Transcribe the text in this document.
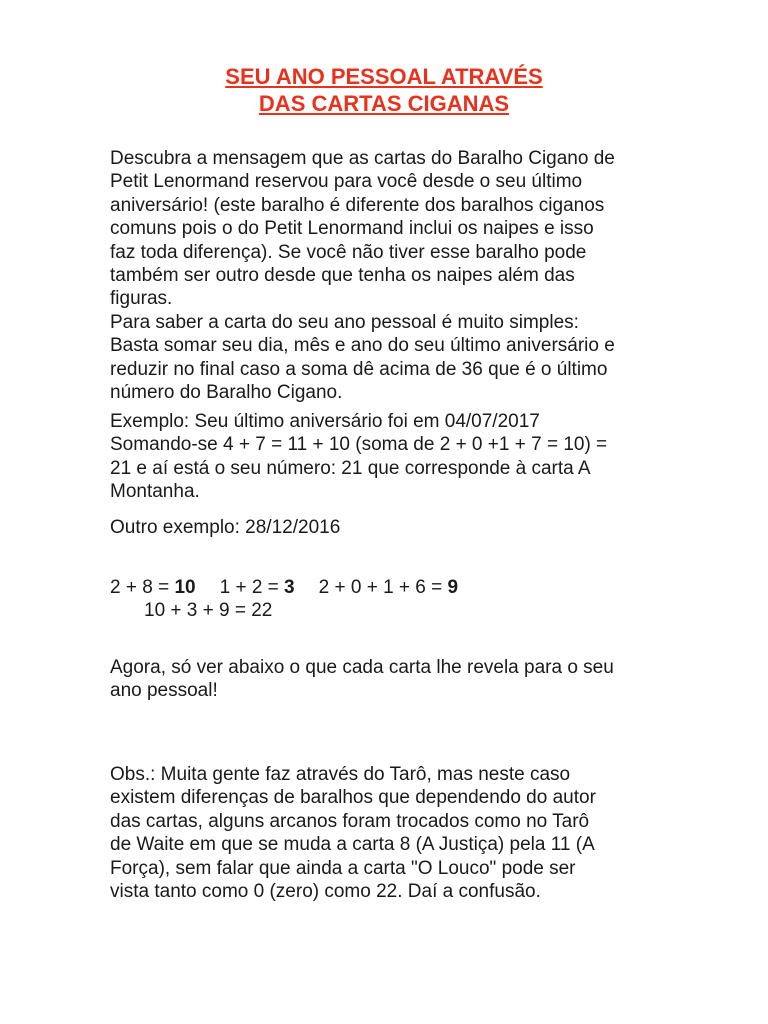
SEU ANO PESSOAL ATRAVÉS
DAS CARTAS CIGANAS

Descubra a mensagem que as cartas do Baralho Cigano de
Petit Lenormand reservou para você desde o seu último
aniversário! (este baralho é diferente dos baralhos ciganos
comuns pois o do Petit Lenormand inclui os naipes e isso
faz toda diferença). Se você não tiver esse baralho pode
também ser outro desde que tenha os naipes além das
figuras.
Para saber a carta do seu ano pessoal é muito simples:
Basta somar seu dia, mês e ano do seu último aniversário e
reduzir no final caso a soma dê acima de 36 que é o último
número do Baralho Cigano.

Exemplo: Seu último aniversário foi em 04/07/2017
Somando-se 4 + 7 = 11 + 10 (soma de 2 + 0 +1 + 7 = 10) =
21 e aí está o seu número: 21 que corresponde à carta A
Montanha.

Outro exemplo: 28/12/2016

2 + 8 = 10 1 + 2 = 3 2 + 0 + 1 + 6 = 9
10 + 3 + 9 = 22

Agora, só ver abaixo o que cada carta lhe revela para o seu
ano pessoal!

Obs.: Muita gente faz através do Tarô, mas neste caso
existem diferenças de baralhos que dependendo do autor
das cartas, alguns arcanos foram trocados como no Tarô
de Waite em que se muda a carta 8 (A Justiça) pela 11 (A
Força), sem falar que ainda a carta "O Louco" pode ser
vista tanto como 0 (zero) como 22. Daí a confusão.
